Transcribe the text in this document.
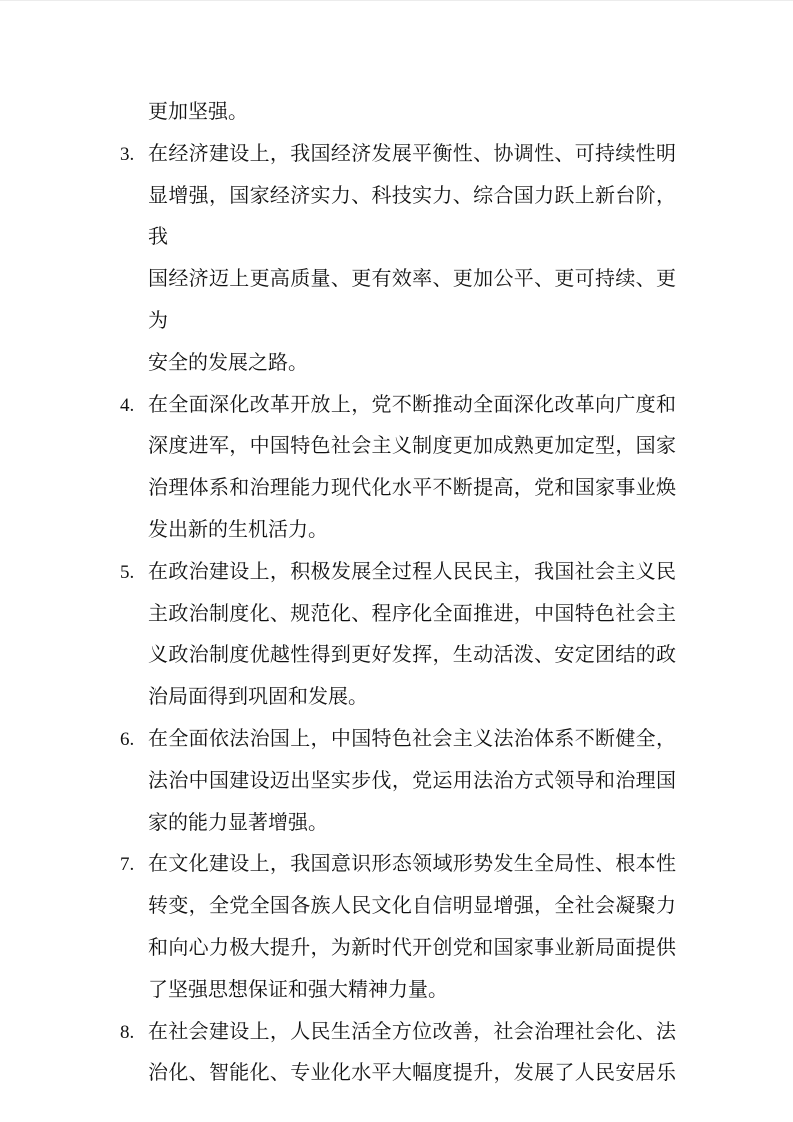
更加坚强。
3. 在经济建设上，我国经济发展平衡性、协调性、可持续性明
显增强，国家经济实力、科技实力、综合国力跃上新台阶，我
国经济迈上更高质量、更有效率、更加公平、更可持续、更为
安全的发展之路。
4. 在全面深化改革开放上，党不断推动全面深化改革向广度和
深度进军，中国特色社会主义制度更加成熟更加定型，国家
治理体系和治理能力现代化水平不断提高，党和国家事业焕
发出新的生机活力。
5. 在政治建设上，积极发展全过程人民民主，我国社会主义民
主政治制度化、规范化、程序化全面推进，中国特色社会主
义政治制度优越性得到更好发挥，生动活泼、安定团结的政
治局面得到巩固和发展。
6. 在全面依法治国上，中国特色社会主义法治体系不断健全，
法治中国建设迈出坚实步伐，党运用法治方式领导和治理国
家的能力显著增强。
7. 在文化建设上，我国意识形态领域形势发生全局性、根本性
转变，全党全国各族人民文化自信明显增强，全社会凝聚力
和向心力极大提升，为新时代开创党和国家事业新局面提供
了坚强思想保证和强大精神力量。
8. 在社会建设上，人民生活全方位改善，社会治理社会化、法
治化、智能化、专业化水平大幅度提升，发展了人民安居乐
